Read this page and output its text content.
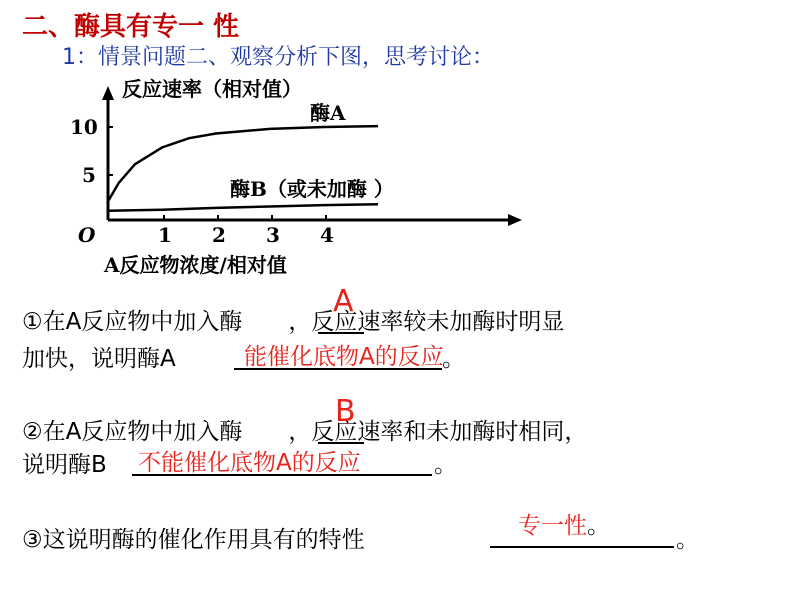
二、酶具有专一 性
1：情景问题二、观察分析下图，思考讨论：
反应速率（相对值）
O
5
10
1 2 3 4
酶A
酶B（或未加酶 ）
A反应物浓度/相对值
①在A反应物中加入酶 ，反应速率较未加酶时明显
A
加快，说明酶A	能催化底物A的反应
。
②在A反应物中加入酶 ，反应速率和未加酶时相同，
B
说明酶B 不能催化底物A的反应	。
③这说明酶的催化作用具有的特性
专一性。
。
